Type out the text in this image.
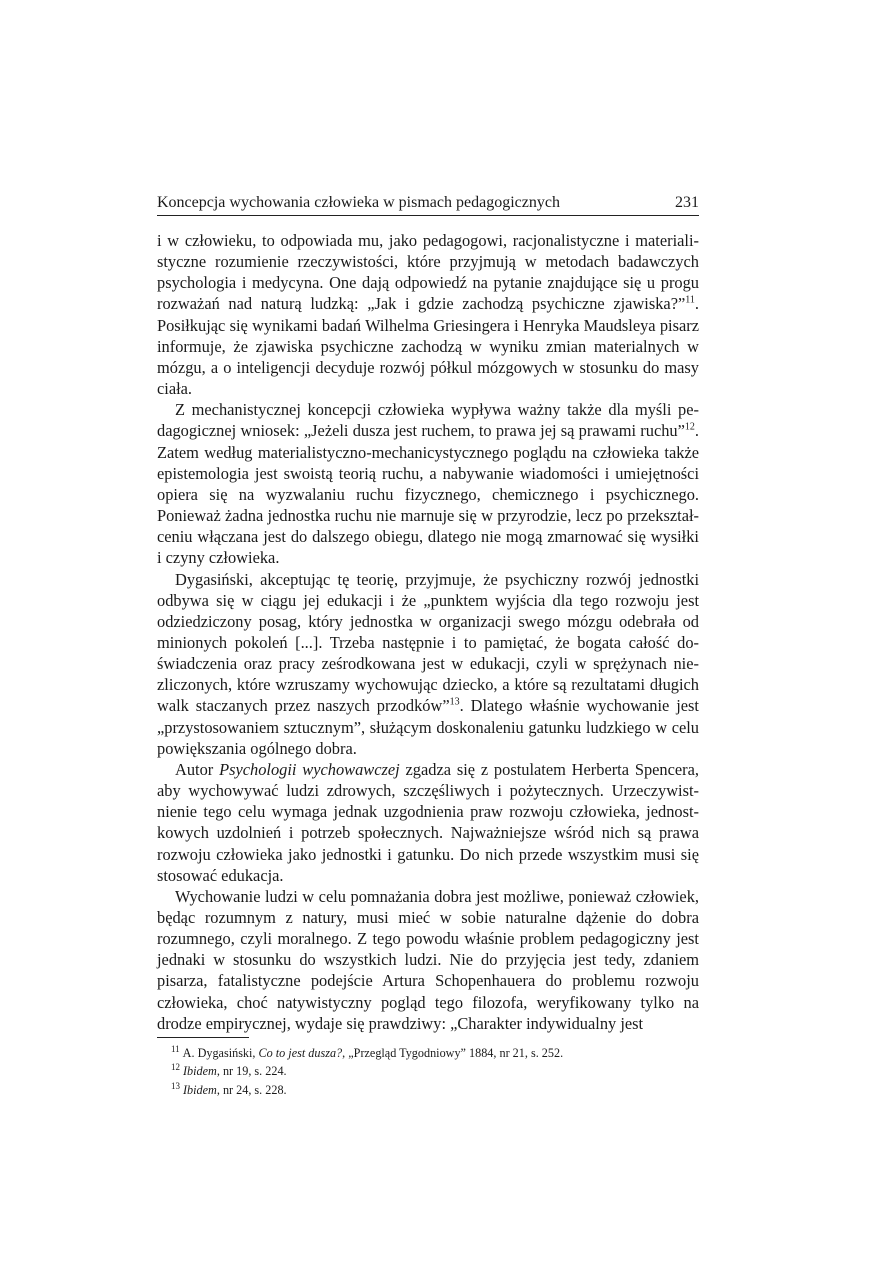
Koncepcja wychowania człowieka w pismach pedagogicznych	231

i w człowieku, to odpowiada mu, jako pedagogowi, racjonalistyczne i materialistyczne rozumienie rzeczywistości, które przyjmują w metodach badawczych psychologia i medycyna. One dają odpowiedź na pytanie znajdujące się u progu rozważań nad naturą ludzką: „Jak i gdzie zachodzą psychiczne zjawiska?”$^{11}$. Posiłkując się wynikami badań Wilhelma Griesingera i Henryka Maudsleya pisarz informuje, że zjawiska psychiczne zachodzą w wyniku zmian materialnych w mózgu, a o inteligencji decyduje rozwój półkul mózgowych w stosunku do masy ciała.

Z mechanistycznej koncepcji człowieka wypływa ważny także dla myśli pedagogicznej wniosek: „Jeżeli dusza jest ruchem, to prawa jej są prawami ruchu”$^{12}$. Zatem według materialistyczno-mechanicystycznego poglądu na człowieka także epistemologia jest swoistą teorią ruchu, a nabywanie wiadomości i umiejętności opiera się na wyzwalaniu ruchu fizycznego, chemicznego i psychicznego. Ponieważ żadna jednostka ruchu nie marnuje się w przyrodzie, lecz po przekształceniu włączana jest do dalszego obiegu, dlatego nie mogą zmarnować się wysiłki i czyny człowieka.

Dygasiński, akceptując tę teorię, przyjmuje, że psychiczny rozwój jednostki odbywa się w ciągu jej edukacji i że „punktem wyjścia dla tego rozwoju jest odziedziczony posag, który jednostka w organizacji swego mózgu odebrała od minionych pokoleń [...]. Trzeba następnie i to pamiętać, że bogata całość doświadczenia oraz pracy ześrodkowana jest w edukacji, czyli w sprężynach niezliczonych, które wzruszamy wychowując dziecko, a które są rezultatami długich walk staczanych przez naszych przodków”$^{13}$. Dlatego właśnie wychowanie jest „przystosowaniem sztucznym”, służącym doskonaleniu gatunku ludzkiego w celu powiększania ogólnego dobra.

Autor Psychologii wychowawczej zgadza się z postulatem Herberta Spencera, aby wychowywać ludzi zdrowych, szczęśliwych i pożytecznych. Urzeczywistnienie tego celu wymaga jednak uzgodnienia praw rozwoju człowieka, jednostkowych uzdolnień i potrzeb społecznych. Najważniejsze wśród nich są prawa rozwoju człowieka jako jednostki i gatunku. Do nich przede wszystkim musi się stosować edukacja.

Wychowanie ludzi w celu pomnażania dobra jest możliwe, ponieważ człowiek, będąc rozumnym z natury, musi mieć w sobie naturalne dążenie do dobra rozumnego, czyli moralnego. Z tego powodu właśnie problem pedagogiczny jest jednaki w stosunku do wszystkich ludzi. Nie do przyjęcia jest tedy, zdaniem pisarza, fatalistyczne podejście Artura Schopenhauera do problemu rozwoju człowieka, choć natywistyczny pogląd tego filozofa, weryfikowany tylko na drodze empirycznej, wydaje się prawdziwy: „Charakter indywidualny jest

$^{11}$ A. Dygasiński, Co to jest dusza?, „Przegląd Tygodniowy” 1884, nr 21, s. 252.
$^{12}$ Ibidem, nr 19, s. 224.
$^{13}$ Ibidem, nr 24, s. 228.
